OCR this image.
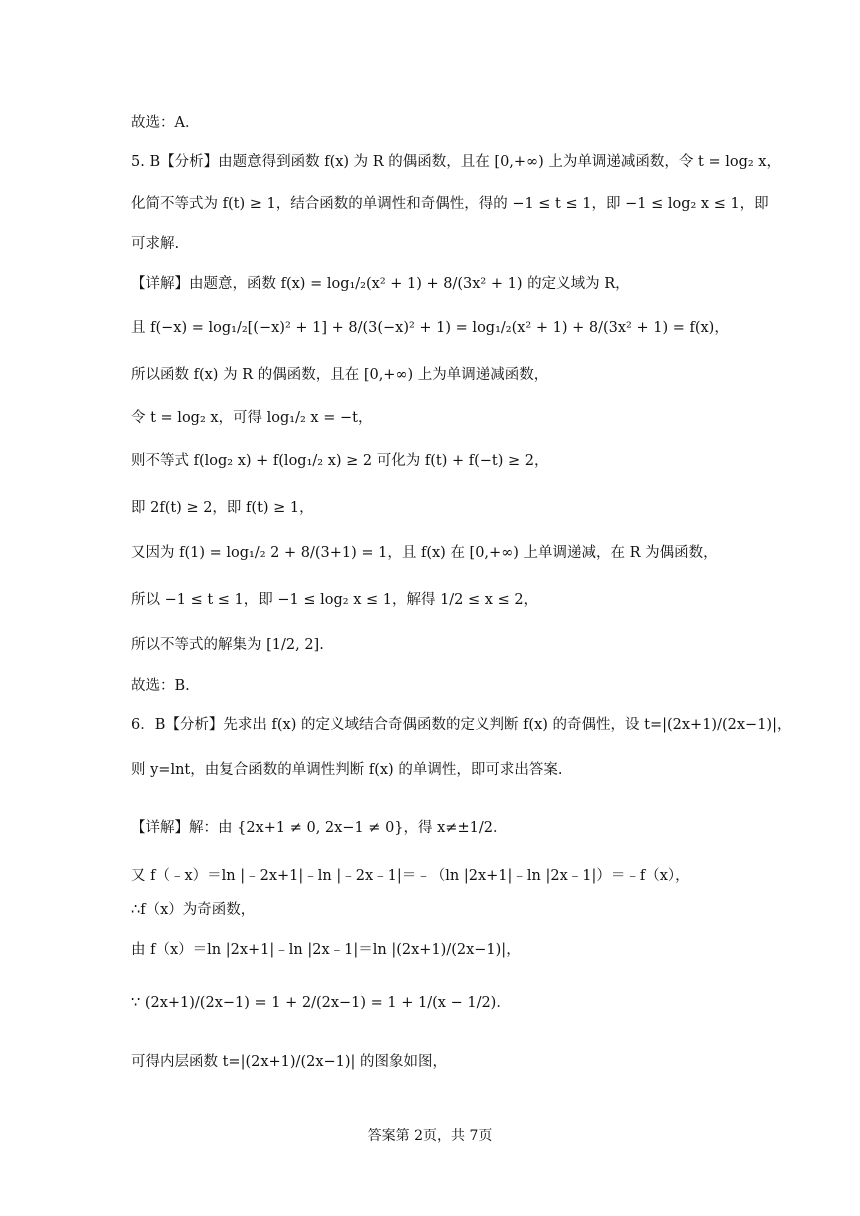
故选：A．
5. B【分析】由题意得到函数 f(x) 为 R 的偶函数，且在 [0,+∞) 上为单调递减函数，令 t = log₂ x，
化简不等式为 f(t) ≥ 1，结合函数的单调性和奇偶性，得的 −1 ≤ t ≤ 1，即 −1 ≤ log₂ x ≤ 1，即
可求解.
【详解】由题意，函数 f(x) = log₁/₂(x² + 1) + 8/(3x² + 1) 的定义域为 R，
且 f(−x) = log₁/₂[(−x)² + 1] + 8/(3(−x)² + 1) = log₁/₂(x² + 1) + 8/(3x² + 1) = f(x)，
所以函数 f(x) 为 R 的偶函数，且在 [0,+∞) 上为单调递减函数，
令 t = log₂ x，可得 log₁/₂ x = −t，
则不等式 f(log₂ x) + f(log₁/₂ x) ≥ 2 可化为 f(t) + f(−t) ≥ 2，
即 2f(t) ≥ 2，即 f(t) ≥ 1，
又因为 f(1) = log₁/₂ 2 + 8/(3+1) = 1，且 f(x) 在 [0,+∞) 上单调递减，在 R 为偶函数，
所以 −1 ≤ t ≤ 1，即 −1 ≤ log₂ x ≤ 1，解得 1/2 ≤ x ≤ 2，
所以不等式的解集为 [1/2, 2].
故选：B.
6．B【分析】先求出 f(x) 的定义域结合奇偶函数的定义判断 f(x) 的奇偶性，设 t=|(2x+1)/(2x−1)|，
则 y=lnt，由复合函数的单调性判断 f(x) 的单调性，即可求出答案.
【详解】解：由 {2x+1 ≠ 0, 2x−1 ≠ 0}，得 x≠±1/2．
又 f（﹣x）＝ln |﹣2x+1|﹣ln |﹣2x﹣1|＝﹣（ln |2x+1|﹣ln |2x﹣1|）＝﹣f（x），
∴f（x）为奇函数，
由 f（x）＝ln |2x+1|﹣ln |2x﹣1|＝ln |(2x+1)/(2x−1)|，
∵ (2x+1)/(2x−1) = 1 + 2/(2x−1) = 1 + 1/(x − 1/2)．
可得内层函数 t=|(2x+1)/(2x−1)| 的图象如图，
答案第 2页，共 7页
